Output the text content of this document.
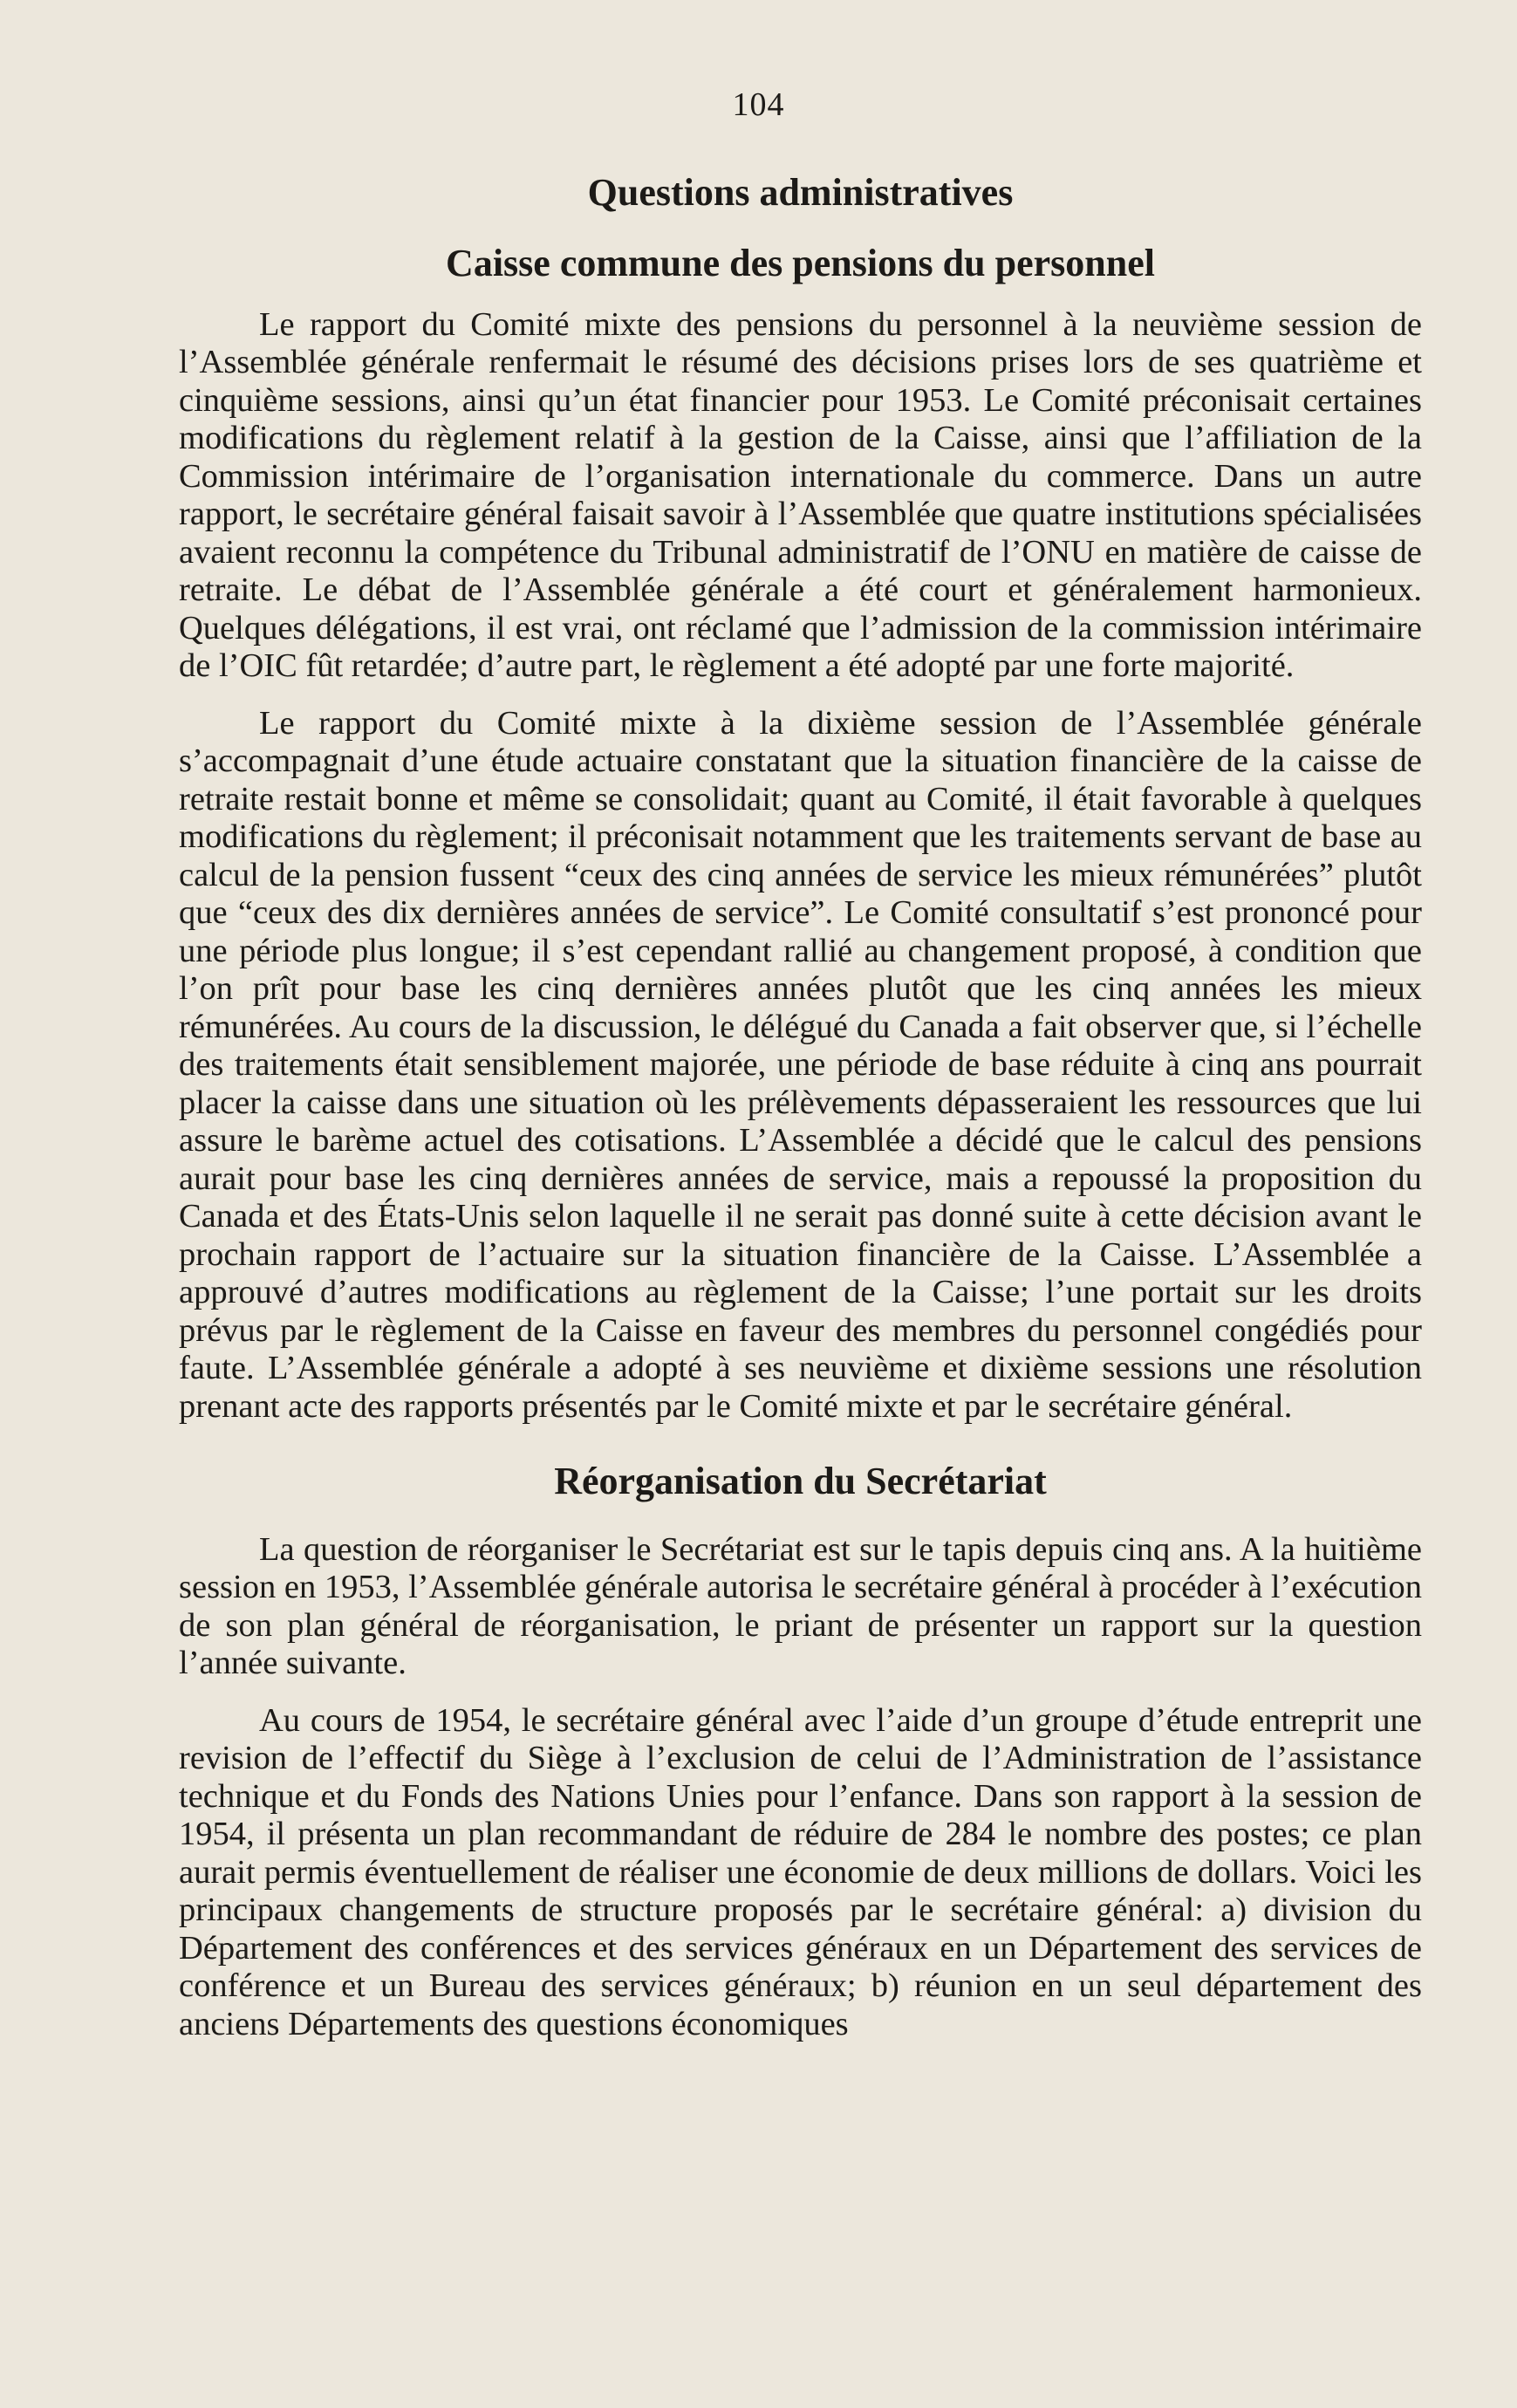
104
Questions administratives
Caisse commune des pensions du personnel

Le rapport du Comité mixte des pensions du personnel à la neuvième session de l’Assemblée générale renfermait le résumé des décisions prises lors de ses quatrième et cinquième sessions, ainsi qu’un état financier pour 1953. Le Comité préconisait certaines modifications du règlement relatif à la gestion de la Caisse, ainsi que l’affiliation de la Commission intérimaire de l’organisation internationale du commerce. Dans un autre rapport, le secrétaire général faisait savoir à l’Assemblée que quatre institutions spécialisées avaient reconnu la compétence du Tribunal administratif de l’ONU en matière de caisse de retraite. Le débat de l’Assemblée générale a été court et généralement harmonieux. Quelques délégations, il est vrai, ont réclamé que l’admission de la commission intérimaire de l’OIC fût retardée; d’autre part, le règlement a été adopté par une forte majorité.

Le rapport du Comité mixte à la dixième session de l’Assemblée générale s’accompagnait d’une étude actuaire constatant que la situation financière de la caisse de retraite restait bonne et même se consolidait; quant au Comité, il était favorable à quelques modifications du règlement; il préconisait notamment que les traitements servant de base au calcul de la pension fussent “ceux des cinq années de service les mieux rémunérées” plutôt que “ceux des dix dernières années de service”. Le Comité consultatif s’est prononcé pour une période plus longue; il s’est cependant rallié au changement proposé, à condition que l’on prît pour base les cinq dernières années plutôt que les cinq années les mieux rémunérées. Au cours de la discussion, le délégué du Canada a fait observer que, si l’échelle des traitements était sensiblement majorée, une période de base réduite à cinq ans pourrait placer la caisse dans une situation où les prélèvements dépasseraient les ressources que lui assure le barème actuel des cotisations. L’Assemblée a décidé que le calcul des pensions aurait pour base les cinq dernières années de service, mais a repoussé la proposition du Canada et des États-Unis selon laquelle il ne serait pas donné suite à cette décision avant le prochain rapport de l’actuaire sur la situation financière de la Caisse. L’Assemblée a approuvé d’autres modifications au règlement de la Caisse; l’une portait sur les droits prévus par le règlement de la Caisse en faveur des membres du personnel congédiés pour faute. L’Assemblée générale a adopté à ses neuvième et dixième sessions une résolution prenant acte des rapports présentés par le Comité mixte et par le secrétaire général.

Réorganisation du Secrétariat

La question de réorganiser le Secrétariat est sur le tapis depuis cinq ans. A la huitième session en 1953, l’Assemblée générale autorisa le secrétaire général à procéder à l’exécution de son plan général de réorganisation, le priant de présenter un rapport sur la question l’année suivante.

Au cours de 1954, le secrétaire général avec l’aide d’un groupe d’étude entreprit une revision de l’effectif du Siège à l’exclusion de celui de l’Administration de l’assistance technique et du Fonds des Nations Unies pour l’enfance. Dans son rapport à la session de 1954, il présenta un plan recommandant de réduire de 284 le nombre des postes; ce plan aurait permis éventuellement de réaliser une économie de deux millions de dollars. Voici les principaux changements de structure proposés par le secrétaire général: a) division du Département des conférences et des services généraux en un Département des services de conférence et un Bureau des services généraux; b) réunion en un seul département des anciens Départements des questions économiques
